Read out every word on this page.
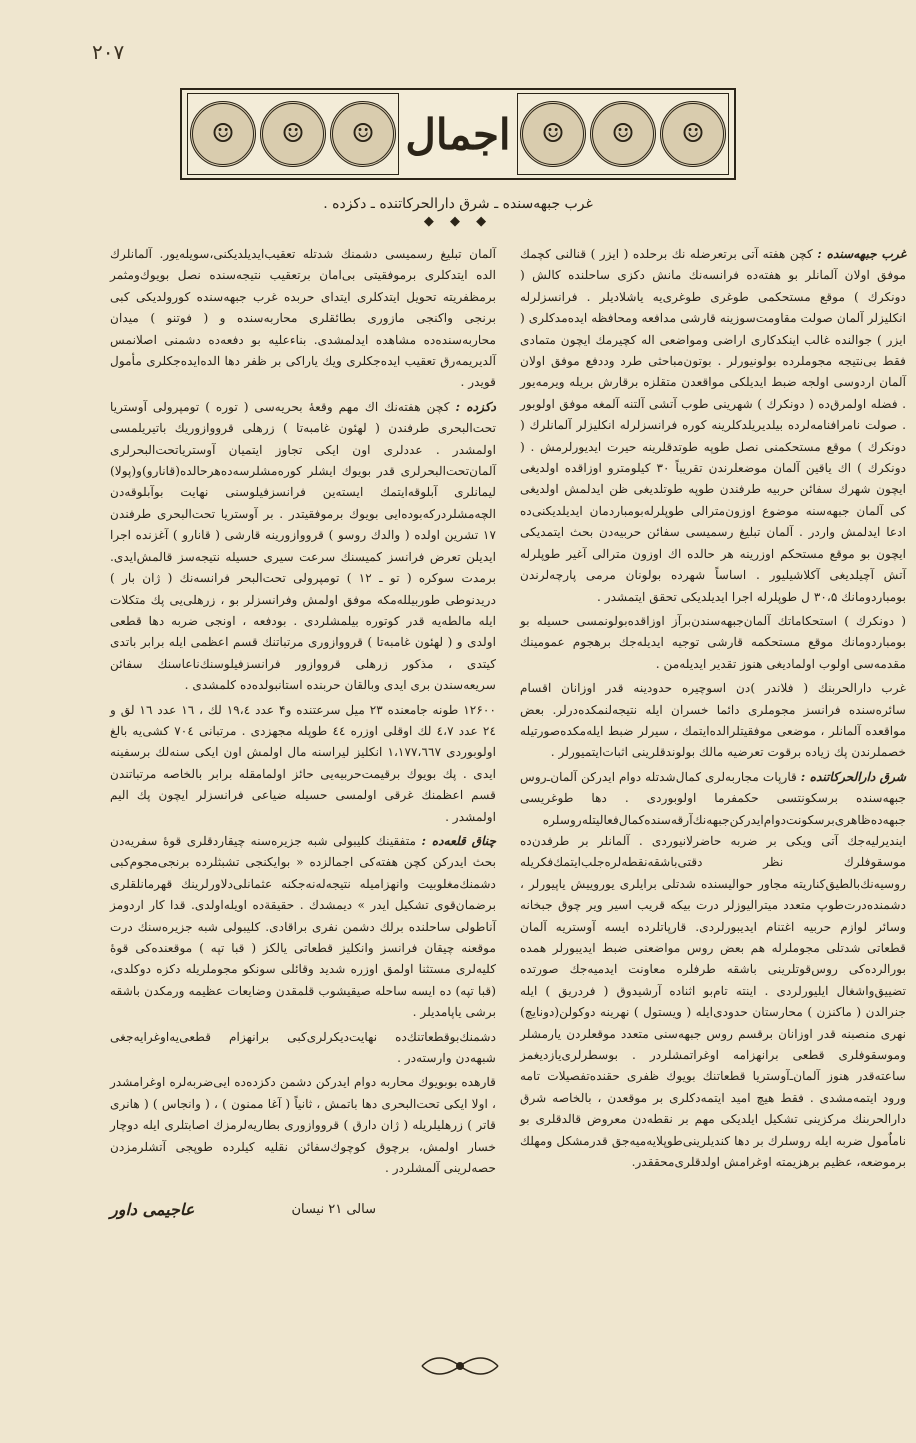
۲۰۷
☺	☺	☺ اجمال	☺	☺	☺
غرب جبهه‌سنده ـ شرق دارالحرکاتنده ـ دکزده .
◆ ◆ ◆

غرب جبهه‌سنده : کچن هفته آتی برتعرضله نك برحلده ( ایزر ) قنالنی کچمك موفق اولان آلمانلر بو هفته‌ده فرانسه‌نك مانش دکزی ساحلنده کالش ( دونکرك ) موقع مستحکمی طوغری طوغری‌یه یاشلادیلر . فرانسزلرله انکلیزلر آلمان صولت مقاومت‌سوزینه قارشی مدافعه ومحافظه ایده‌مدکلری ( ایزر ) جوالنده غالب اینکدکاری اراضی ومواضعی اله کچیرمك ایچون متمادی فقط بی‌نتیجه مجوملرده بولونیورلر . بوتون‌مباحثی طرد وددفع موفق اولان آلمان اردوسی اولجه ضبط ایدیلکی مواقعدن متقلزه برقارش بریله ویرمه‌یور . فضله اولمرق‌ده ( دونکرك ) شهرینی طوب آتشی آلتنه آلمغه موفق اولوبور . صولت نامرافنامه‌لرده بیلدیریلدکلرینه کوره فرانسزلرله انکلیزلر آلمانلرك ( دونکرك ) موقع مستحکمنی نصل طوپه طوتدقلرینه حیرت ایدیورلرمش . ( دونکرك ) اك یاقین آلمان موضعلرندن تقریباً ۳۰ کیلومترو اوزاقده اولدیغی ایچون شهرك سفائن حربیه طرفندن طوپه طوتلدیغی ظن ایدلمش اولدیغی کی آلمان جبهه‌سنه موضوع اوزون‌مترالی طوپلرله‌بومباردمان ایدیلدیکنی‌ده ادعا ایدلمش واردر . آلمان تبلیغ رسمیسی سفائن حربیه‌دن بحث ایتمدیکی ایچون بو موقع مستحکم اوزرینه هر حالده اك اوزون مترالی آغیر طوپلرله آتش آچیلدیغی آکلاشیلیور . اساساً شهرده بولونان مرمی پارچه‌لرندن بومباردومانك ۳۰،۵ ل طوپلرله اجرا ایدیلدیکی تحقق ایتمشدر .

( دونکرك ) استحکاماتك آلمان‌جبهه‌سندن‌بر‌آز اوزاقده‌بولونمسی حسیله بو بومباردومانك موقع مستحکمه قارشی توجیه ایدیله‌جك برهجوم عمومینك مقدمه‌سی اولوب اولمادیغی هنوز تقدیر ایدیله‌من .

غرب دارالحربنك ( فلاندر )دن اسوچیره حدودینه قدر اوزانان اقسام سائره‌سنده فرانسز مجوملری دائما خسران ایله نتیجه‌لنمکده‌درلر. بعض مواقعده آلمانلر ، موضعی موفقیتلرالده‌ایتمك ، سیرلر ضبط ایله‌مکده‌صورتیله خصملرندن پك زیاده برقوت تعرضیه مالك بولوندقلرینی اثبات‌ایتمیورلر .

شرق دارالحرکاتنده : قارپات مجاربه‌لری کمال‌شدتله دوام ایدرکن آلمان‌ـ‌روس جبهه‌سنده برسکونتسی حکمفرما اولوبوردی . دها طوغریسی جبهه‌ده‌ظاهری‌برسکونت‌دوام‌ایدرکن‌جبهه‌نك‌آرقه‌سنده‌کمال‌فعالیتله‌روسلره ایندیرلیه‌جك آتی ویکی بر ضربه حاضرلانیوردی . آلمانلر بر طرفدن‌ده موسقوفلرك نظر دقتی‌باشقه‌نقطه‌لره‌جلب‌ایتمك‌فکریله روسیه‌نك‌بالطیق‌کناریته مجاور حوالیسنده شدتلی برایلری یوروییش یاپیورلر ، دشمنده‌درت‌طوپ متعدد میترالیوزلر درت بیکه قریب اسیر ویر چوق جبخانه وسائر لوازم حربیه اغتنام ایدیبورلردی. قارپاتلرده ایسه آوستریه آلمان قطعاتی شدتلی مجوملرله هم بعض روس مواضعنی ضبط ایدیبورلر همده بورالرده‌کی روس‌قوتلرینی باشقه طرفلره معاونت ایدمیه‌جك صورتده تضییق‌واشغال ایلیورلردی . اینته تام‌بو اثناده آرشیدوق ( فردریق ) ایله جنرالدن ( ماکنزن ) محارستان حدودی‌ایله ( ویستول ) نهرینه دوکولن‌(دونایچ) نهری منصبنه قدر اوزانان برقسم روس جبهه‌سنی متعدد موقعلردن یارمشلر وموسقوفلری قطعی برانهزامه اوغراتمشلردر . بوسطرلری‌یازدیغمز ساعته‌قدر هنوز آلمان‌ـ‌آوستریا قطعاتنك بویوك ظفری حقنده‌تفصیلات تامه ورود ایتمه‌مشدی . فقط هیچ امید ایتمه‌دکلری بر موقعدن ، بالخاصه شرق دارالحربنك مرکزینی تشکیل ایلدیکی مهم بر نقطه‌دن معروض قالدقلری بو ناماٌمول ضربه ایله روسلرك بر دها کندیلرینی‌طوپلایه‌میه‌جق قدرمشکل ومهلك برموضعه، عظیم برهزیمته اوغرامش اولدقلری‌محققدر.

آلمان تبلیغ رسمیسی دشمنك شدتله تعقیب‌ایدیلدیکنی‌،‌سویله‌یور. آلمانلرك الده ایتدکلری برموفقیتی بی‌امان برتعقیب نتیجه‌سنده نصل بویوك‌و‌مثمر برمظفریته تحویل ایتدکلری ایتدای حربده غرب جبهه‌سنده کورولدیکی کبی برنجی واکنجی مازوری بطائقلری محاربه‌سنده و ( فوتنو ) میدان محاربه‌سنده‌ده مشاهده ایدلمشدی. بناءعلیه بو دفعه‌ده دشمنی اصلانمس آلدیریمه‌رق تعقیب ایده‌جکلری ویك یاراکی بر ظفر دها الده‌ایده‌جکلری مأمول قویدر .

دکزده : کچن هفته‌نك اك مهم وقعهٔ بحریه‌سی ( توره ) تومپرولی آوستریا تحت‌البحری طرفندن ( لهئون غامبه‌تا ) زرهلی قرووازوریك باتیریلمسی اولمشدر . عددلری اون ایکی تجاوز ایتمیان آوستریاتحت‌البحرلری آلمان‌تحت‌البحرلری قدر بویوك ایشلر کوره‌مشلرسه‌ده‌هرحالده‌(قانارو)و(پولا) لیمانلری آبلوقه‌ایتمك ایسته‌ین فرانسزفیلوسنی نهایت بوآبلوقه‌دن الچه‌مشلردرکه‌بوده‌ایی بویوك برموفقیتدر . بر آوستریا تحت‌البحری طرفندن ۱۷ تشرین اولده ( والدك روسو ) قرووازورینه قارشی ( قانارو ) آغزنده اجرا ایدیلن تعرض فرانسز کمیسنك سرعت سیری حسیله نتیجه‌سز قالمش‌ایدی. برمدت سوکره ( تو ـ ۱۲ ) تومپرولی تحت‌البحر فرانسه‌نك ( ژان بار ) دریدنوطی طوربیلله‌مکه موفق اولمش وفرانسزلر بو ، زرهلی‌یی پك متکلات ایله مالطه‌یه قدر کوتوره بیلمشلردی . بودفعه ، اونجی ضربه دها قطعی اولدی و ( لهئون غامبه‌تا ) قرووازوری مرتباتنك قسم اعظمی ایله برابر باتدی کیتدی ، مذکور زرهلی قرووازور فرانسزفیلوسنك‌ناعاسنك سفائن سریعه‌سندن بری ایدی وبالقان حربنده استانبولده‌ده کلمشدی .

۱۲۶۰۰ طونه جامعنده ۲۳ میل سرعتنده و۴ عدد ۱۹،٤ لك ، ۱٦ عدد ۱٦ لق و ۲٤ عدد ٤،۷ لك اوقلی اوزره ٤٤ طوپله مجهزدی . مرتبانی ۷۰٤ کشی‌یه بالغ اولوبوردی ۱،۱۷۷،٦٦۷ انکلیز لیراسنه مال اولمش اون ایکی سنه‌لك برسفینه ایدی . پك بویوك برقیمت‌حربیه‌یی حائز اولمامقله برابر بالخاصه مرتباتندن قسم اعظمنك غرقی اولمسی حسیله ضیاعی فرانسزلر ایچون پك الیم اولمشدر .

چناق قلعه‌ده : متفقینك کلیبولی شبه جزیره‌سنه چیقاردقلری قوهٔ سفریه‌دن بحث ایدرکن کچن هفته‌کی اجمالزده « بوایکنجی تشبثلرده برنجی‌مجوم‌کبی دشمنك‌مغلوبیت وانهزامیله نتیجه‌له‌نه‌جکنه عثمانلی‌دلاورلرینك قهرمانلقلری برضمان‌قوی تشکیل ایدر » دیمشدك . حقیقة‌ده اویله‌اولدی. قدا کار اردومز آناطولی ساحلنده برلك دشمن نفری براقادی. کلیبولی شبه جزیره‌سنك درت موقعنه چیقان فرانسز وانکلیز قطعاتی یالکز ( قبا تپه ) موقعنده‌کی قوهٔ کلیه‌لری مستثنا اولمق اوزره شدید وقائلی سونکو مجوملریله دکزه دوکلدی، (قبا تپه) ده ایسه ساحله صیقیشوب قلمقدن وضایعات عظیمه ورمکدن باشقه برشی یاپامدیلر .

دشمنك‌بوقطعاتنك‌ده نهایت‌دیکرلری‌کبی برانهزام قطعی‌یه‌اوغرایه‌جغی شبهه‌دن وارسته‌در .

قارهده بوبویوك محاربه دوام ایدرکن دشمن دکزده‌ده ایی‌ضربه‌لره اوغرامشدر ، اولا ایکی تحت‌البحری دها باتمش ، ثانیاً ( آغا ممنون ) ، ( وانجاس ) ( هانری قاتر ) زرهلیلریله ( ژان دارق ) قرووازوری بطاریه‌لرمزك اصابتلری ایله دوچار خسار اولمش، برچوق کوچوك‌سفائن نقلیه کیلرده طوپجی آتشلرمزدن حصه‌لرینی آلمشلردر .

سالی ۲۱ نیسان
عاجیمی داور
